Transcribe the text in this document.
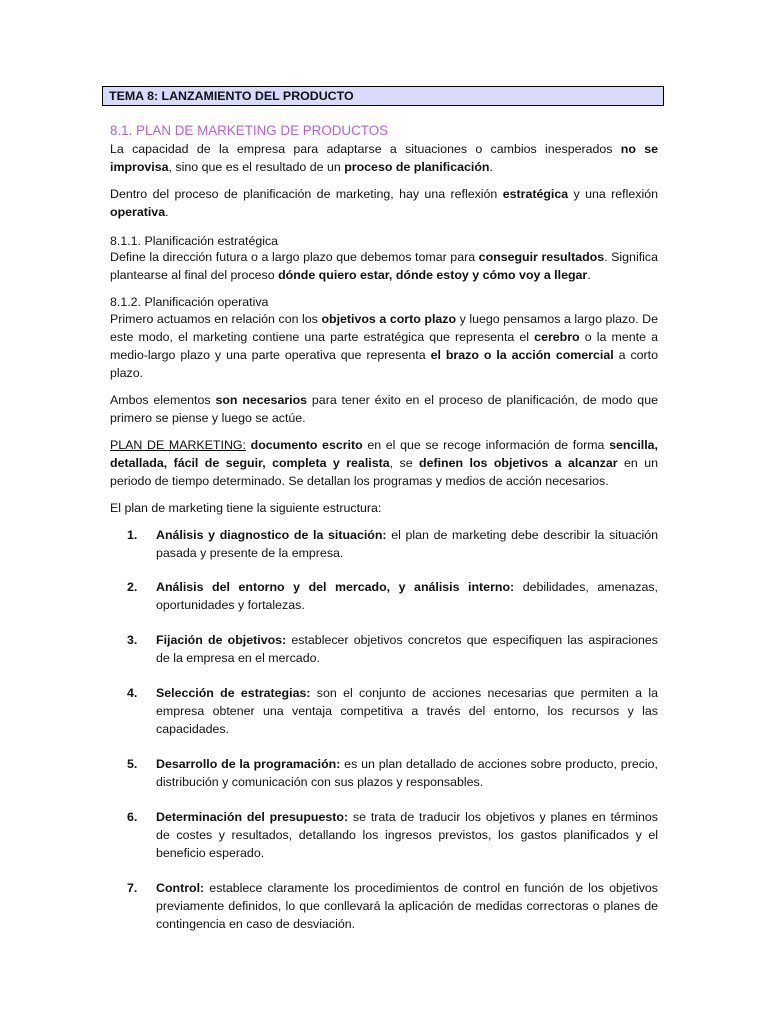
TEMA 8: LANZAMIENTO DEL PRODUCTO

8.1. PLAN DE MARKETING DE PRODUCTOS

La capacidad de la empresa para adaptarse a situaciones o cambios inesperados no se improvisa, sino que es el resultado de un proceso de planificación.

Dentro del proceso de planificación de marketing, hay una reflexión estratégica y una reflexión operativa.

8.1.1. Planificación estratégica

Define la dirección futura o a largo plazo que debemos tomar para conseguir resultados. Significa plantearse al final del proceso dónde quiero estar, dónde estoy y cómo voy a llegar.

8.1.2. Planificación operativa

Primero actuamos en relación con los objetivos a corto plazo y luego pensamos a largo plazo. De este modo, el marketing contiene una parte estratégica que representa el cerebro o la mente a medio-largo plazo y una parte operativa que representa el brazo o la acción comercial a corto plazo.

Ambos elementos son necesarios para tener éxito en el proceso de planificación, de modo que primero se piense y luego se actúe.

PLAN DE MARKETING: documento escrito en el que se recoge información de forma sencilla, detallada, fácil de seguir, completa y realista, se definen los objetivos a alcanzar en un periodo de tiempo determinado. Se detallan los programas y medios de acción necesarios.

El plan de marketing tiene la siguiente estructura:

1. Análisis y diagnostico de la situación: el plan de marketing debe describir la situación pasada y presente de la empresa.
2. Análisis del entorno y del mercado, y análisis interno: debilidades, amenazas, oportunidades y fortalezas.
3. Fijación de objetivos: establecer objetivos concretos que especifiquen las aspiraciones de la empresa en el mercado.
4. Selección de estrategias: son el conjunto de acciones necesarias que permiten a la empresa obtener una ventaja competitiva a través del entorno, los recursos y las capacidades.
5. Desarrollo de la programación: es un plan detallado de acciones sobre producto, precio, distribución y comunicación con sus plazos y responsables.
6. Determinación del presupuesto: se trata de traducir los objetivos y planes en términos de costes y resultados, detallando los ingresos previstos, los gastos planificados y el beneficio esperado.
7. Control: establece claramente los procedimientos de control en función de los objetivos previamente definidos, lo que conllevará la aplicación de medidas correctoras o planes de contingencia en caso de desviación.
